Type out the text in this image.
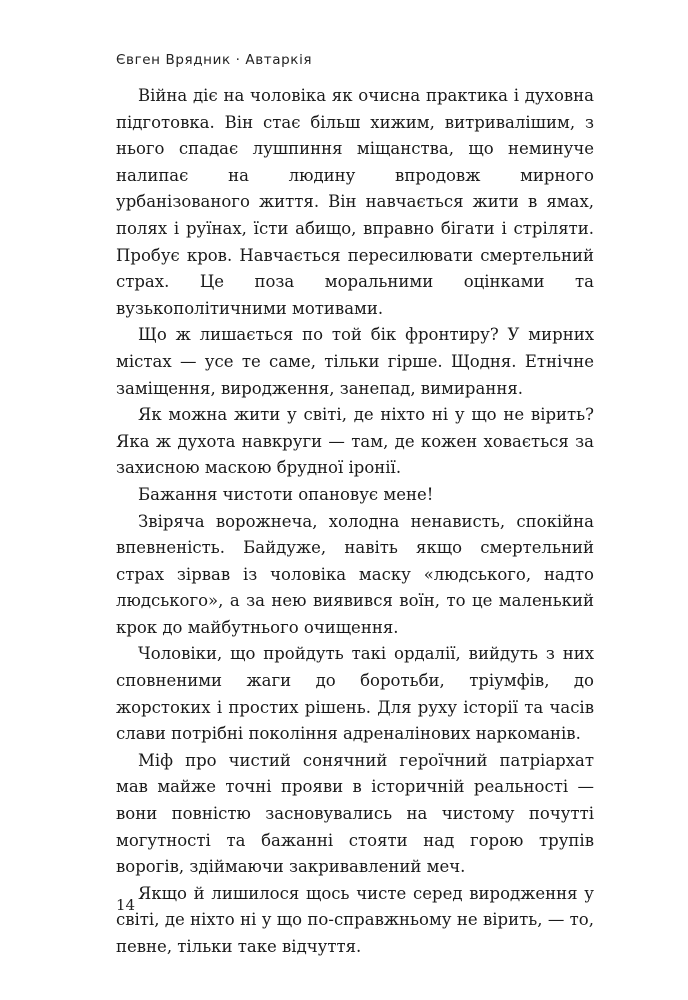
Євген Врядник · Автаркія

Війна діє на чоловіка як очисна практика і духовна підготовка. Він стає більш хижим, витривалішим, з нього спадає лушпиння міщанства, що неминуче налипає на людину впродовж мирного урбанізованого життя. Він навчається жити в ямах, полях і руїнах, їсти абищо, вправно бігати і стріляти. Пробує кров. Навчається пересилювати смертельний страх. Це поза моральними оцінками та вузькополітичними мотивами.

Що ж лишається по той бік фронтиру? У мирних містах — усе те саме, тільки гірше. Щодня. Етнічне заміщення, виродження, занепад, вимирання.

Як можна жити у світі, де ніхто ні у що не вірить? Яка ж духота навкруги — там, де кожен ховається за захисною маскою брудної іронії.

Бажання чистоти опановує мене!

Звіряча ворожнеча, холодна ненависть, спокійна впевненість. Байдуже, навіть якщо смертельний страх зірвав із чоловіка маску «людського, надто людського», а за нею виявився воїн, то це маленький крок до майбутнього очищення.

Чоловіки, що пройдуть такі ордалії, вийдуть з них сповненими жаги до боротьби, тріумфів, до жорстоких і простих рішень. Для руху історії та часів слави потрібні покоління адреналінових наркоманів.

Міф про чистий сонячний героїчний патріархат мав майже точні прояви в історичній реальності — вони повністю засновувались на чистому почутті могутності та бажанні стояти над горою трупів ворогів, здіймаючи закривавлений меч.

Якщо й лишилося щось чисте серед виродження у світі, де ніхто ні у що по-справжньому не вірить, — то, певне, тільки таке відчуття.

14
